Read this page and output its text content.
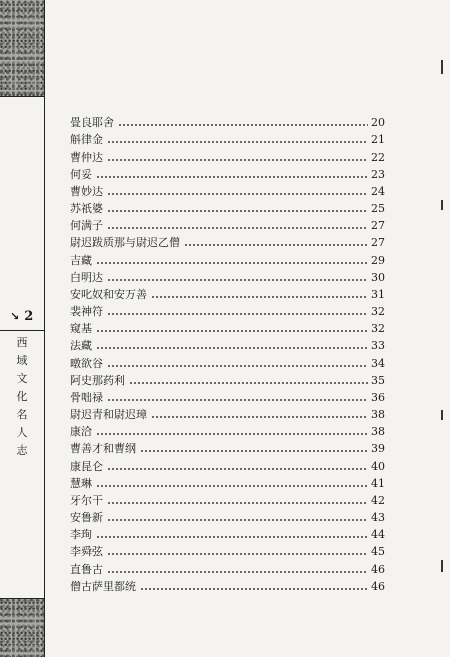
↘ 2
西
域
文
化
名
人
志
畳良耶舍	20
斛律金	21
曹仲达	22
何妥	23
曹妙达	24
苏祇婆	25
何满子	27
尉迟跋质那与尉迟乙僧	27
吉藏	29
白明达	30
安叱奴和安万善	31
裴神符	32
窥基	32
法藏	33
暾欲谷	34
阿史那药利	35
骨咄禄	36
尉迟青和尉迟璋	38
康洽	38
曹善才和曹纲	39
康昆仑	40
慧琳	41
牙尔干	42
安鲁新	43
李珣	44
李舜弦	45
直鲁古	46
僧古萨里都统	46
